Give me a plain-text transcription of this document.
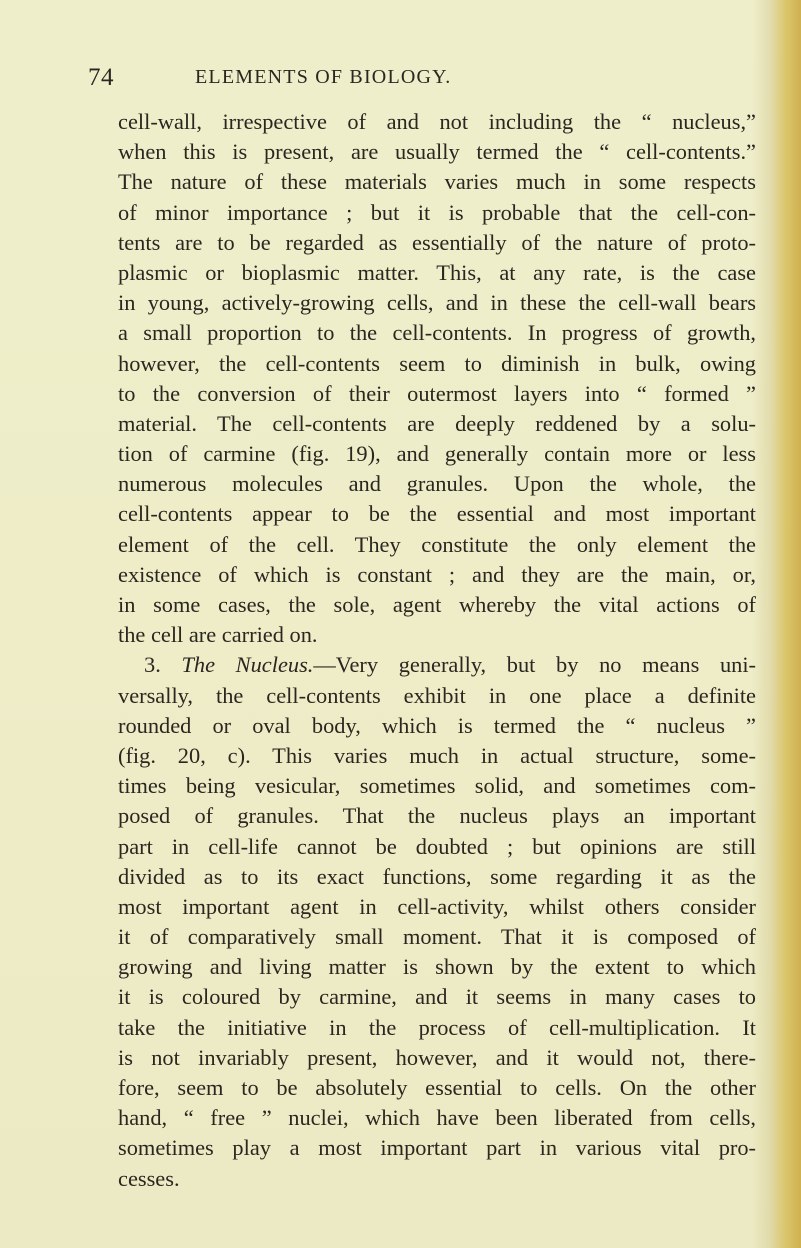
74	ELEMENTS OF BIOLOGY.
cell-wall, irrespective of and not including the “ nucleus,”
when this is present, are usually termed the “ cell-contents.”
The nature of these materials varies much in some respects
of minor importance ; but it is probable that the cell-con-
tents are to be regarded as essentially of the nature of proto-
plasmic or bioplasmic matter. This, at any rate, is the case
in young, actively-growing cells, and in these the cell-wall bears
a small proportion to the cell-contents. In progress of growth,
however, the cell-contents seem to diminish in bulk, owing
to the conversion of their outermost layers into “ formed ”
material. The cell-contents are deeply reddened by a solu-
tion of carmine (fig. 19), and generally contain more or less
numerous molecules and granules. Upon the whole, the
cell-contents appear to be the essential and most important
element of the cell. They constitute the only element the
existence of which is constant ; and they are the main, or,
in some cases, the sole, agent whereby the vital actions of
the cell are carried on.
3. The Nucleus.—Very generally, but by no means uni-
versally, the cell-contents exhibit in one place a definite
rounded or oval body, which is termed the “ nucleus ”
(fig. 20, c). This varies much in actual structure, some-
times being vesicular, sometimes solid, and sometimes com-
posed of granules. That the nucleus plays an important
part in cell-life cannot be doubted ; but opinions are still
divided as to its exact functions, some regarding it as the
most important agent in cell-activity, whilst others consider
it of comparatively small moment. That it is composed of
growing and living matter is shown by the extent to which
it is coloured by carmine, and it seems in many cases to
take the initiative in the process of cell-multiplication. It
is not invariably present, however, and it would not, there-
fore, seem to be absolutely essential to cells. On the other
hand, “ free ” nuclei, which have been liberated from cells,
sometimes play a most important part in various vital pro-
cesses.
